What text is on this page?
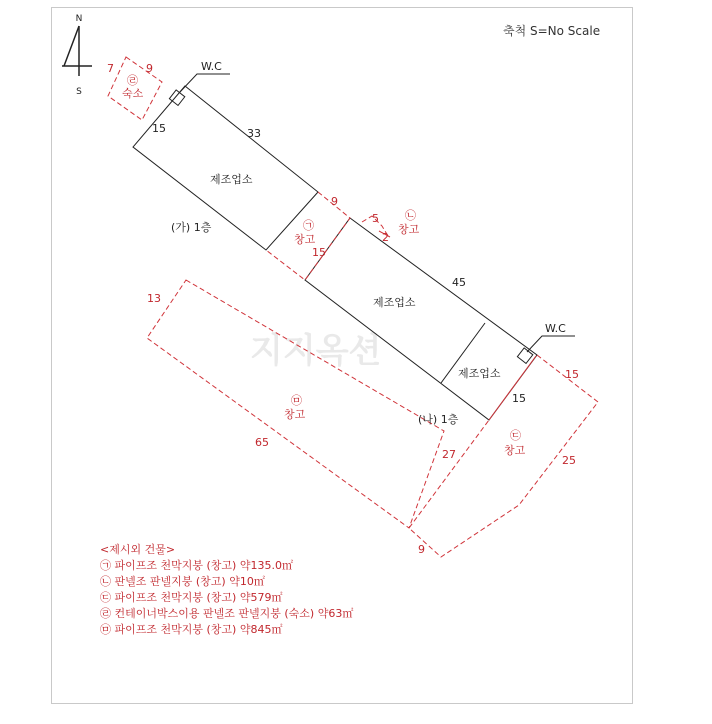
지지옥션
N
S
축척 S=No Scale
W.C
W.C
제조업소
제조업소
제조업소
(가) 1층
(나) 1층
15	33
45
15
7	9
㉣
숙소
9
㉠
창고
15
5
2
㉡
창고
13
㉤
창고
65
27
㉢
창고
15
25
9
<제시외 건물>
㉠ 파이프조 천막지붕 (창고) 약135.0㎡
㉡ 판넬조 판넬지붕 (창고) 약10㎡
㉢ 파이프조 천막지붕 (창고) 약579㎡
㉣ 컨테이너박스이용 판넬조 판넬지붕 (숙소) 약63㎡
㉤ 파이프조 천막지붕 (창고) 약845㎡
